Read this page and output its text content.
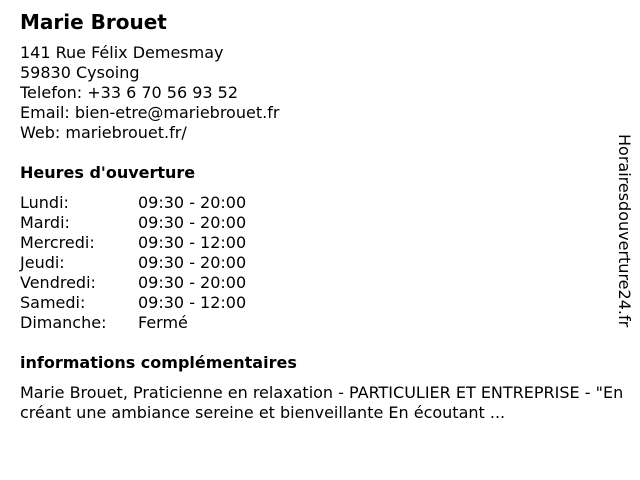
Marie Brouet
141 Rue Félix Demesmay
59830 Cysoing
Telefon: +33 6 70 56 93 52
Email: bien-etre@mariebrouet.fr
Web: mariebrouet.fr/
Heures d'ouverture
Lundi:	09:30 - 20:00
Mardi:	09:30 - 20:00
Mercredi:	09:30 - 12:00
Jeudi:	09:30 - 20:00
Vendredi:	09:30 - 20:00
Samedi:	09:30 - 12:00
Dimanche: Fermé
informations complémentaires
Marie Brouet, Praticienne en relaxation - PARTICULIER ET ENTREPRISE - "En créant une ambiance sereine et bienveillante En écoutant ...
Horairesdouverture24.fr
